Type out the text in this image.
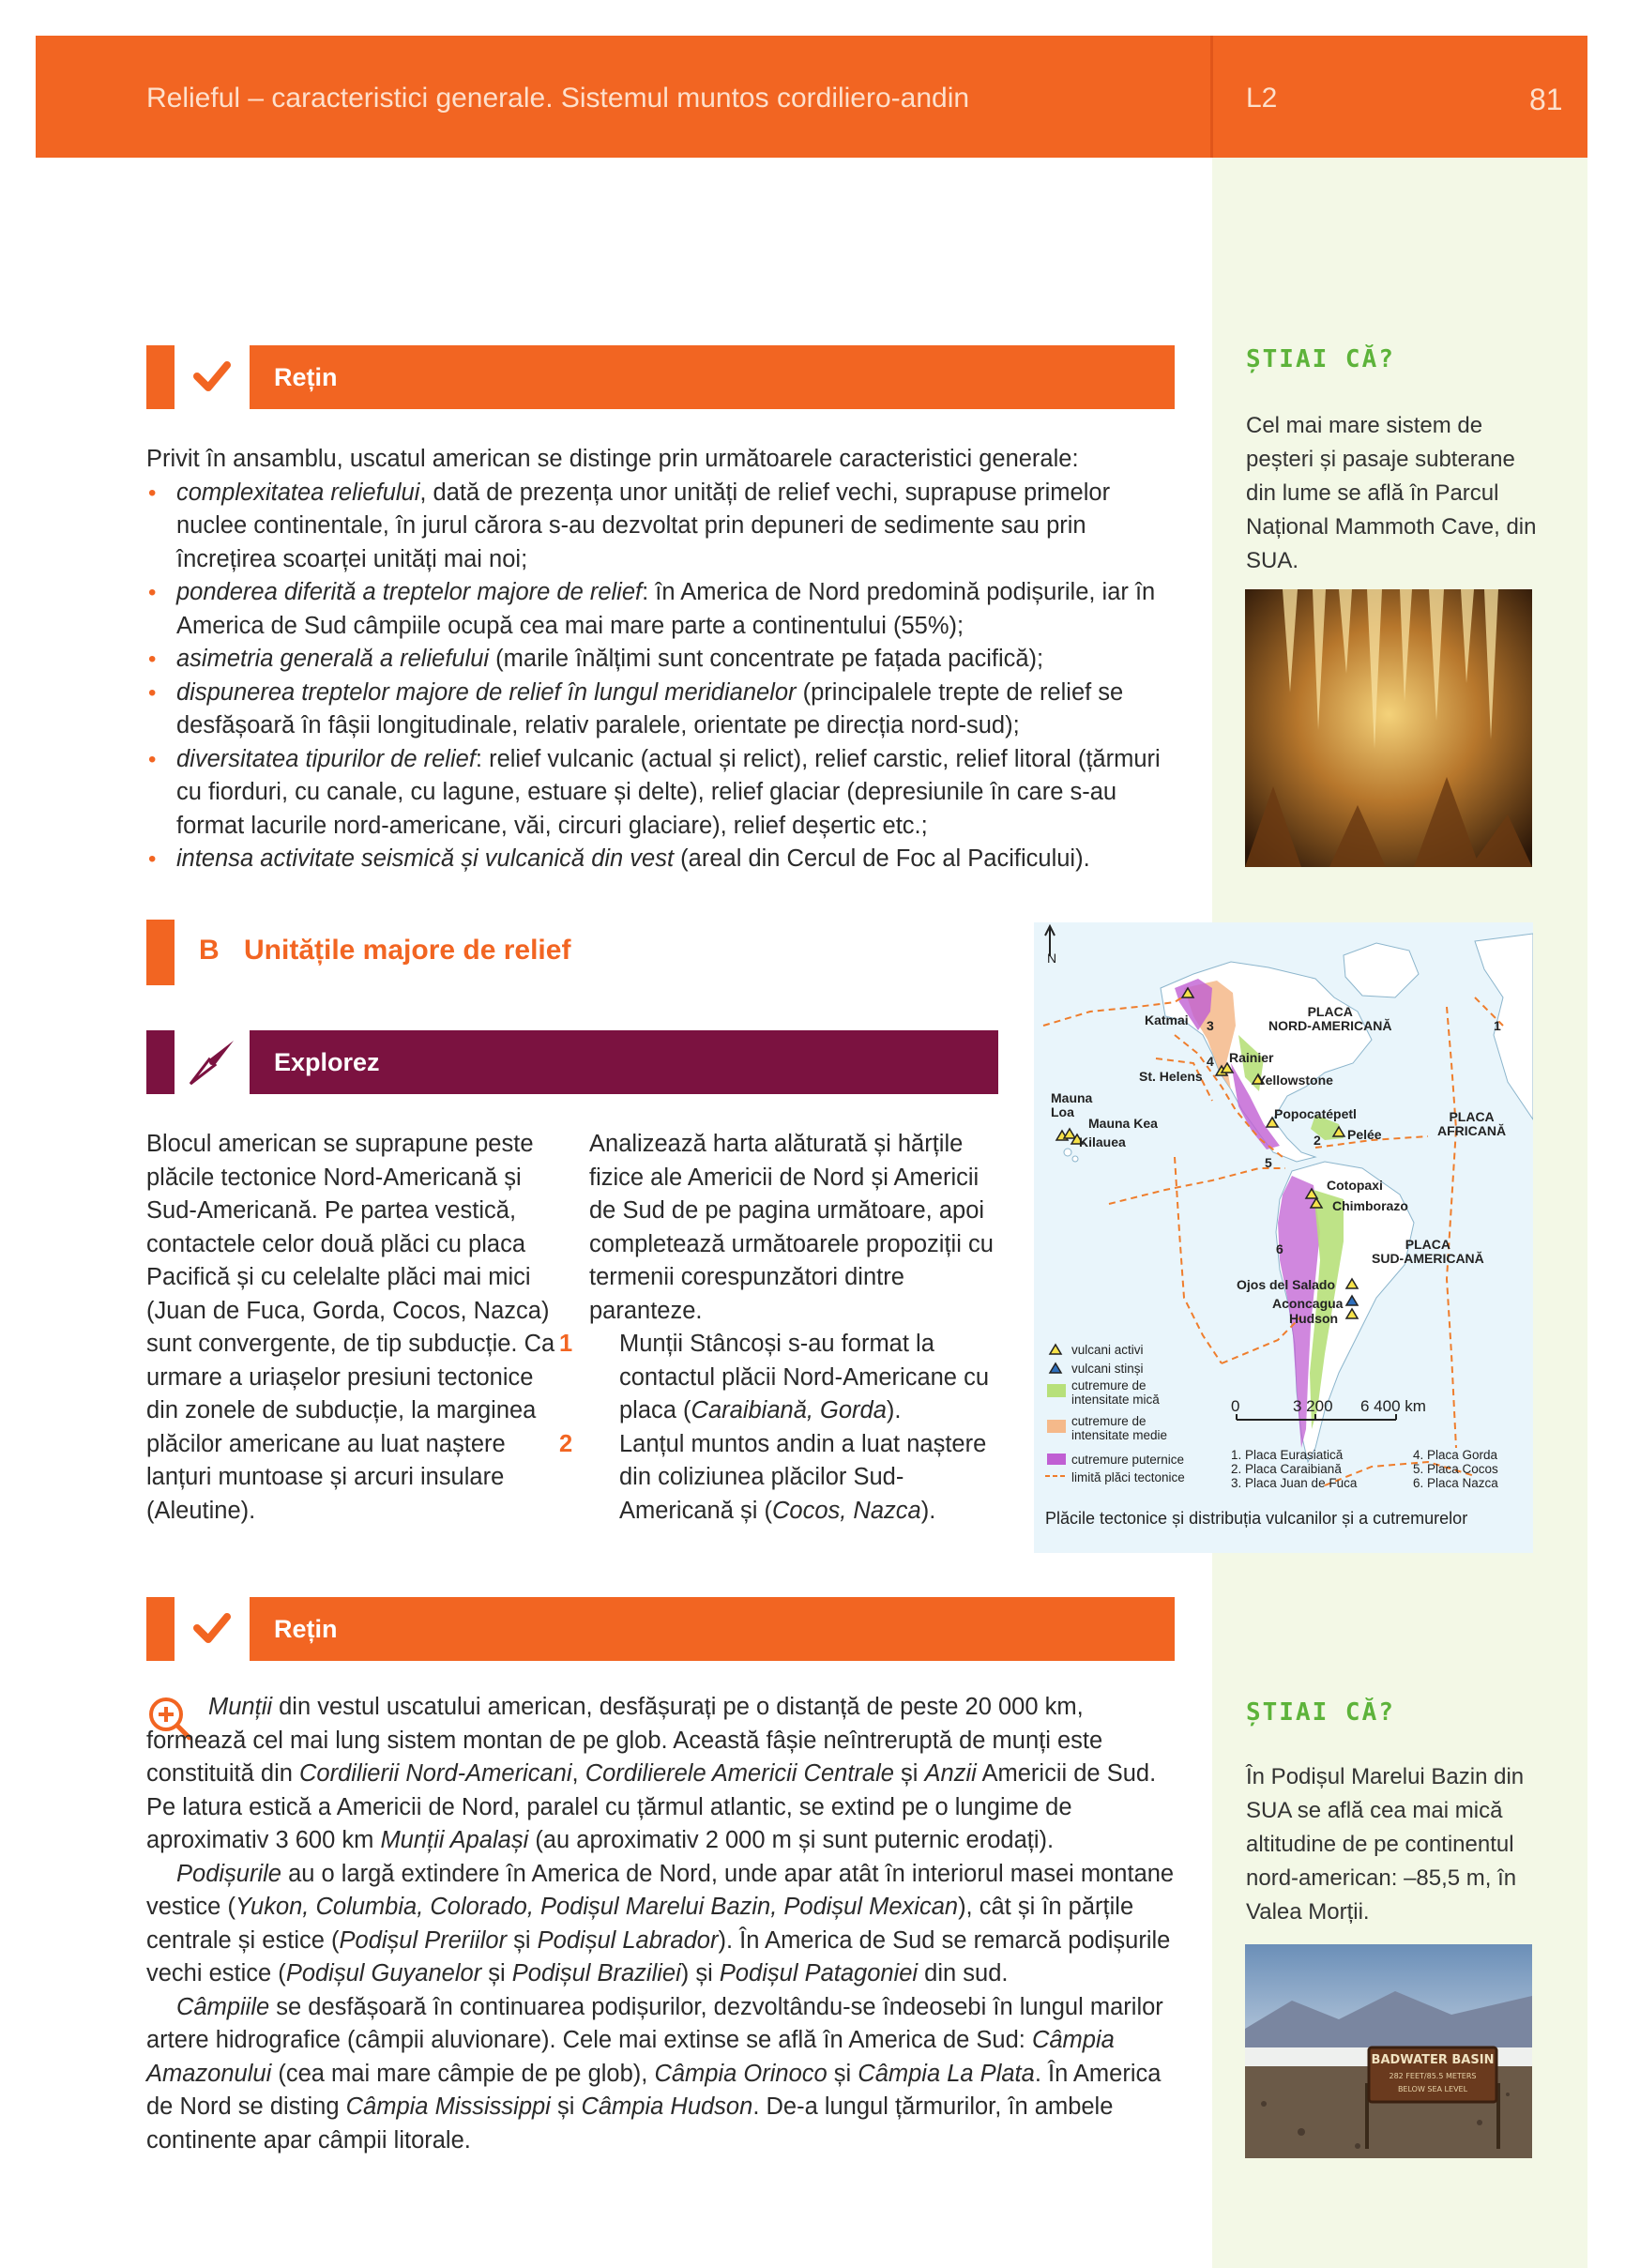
Relieful – caracteristici generale. Sistemul muntos cordiliero-andin	L2	81
ȘTIAI CĂ?
Cel mai mare sistem de peșteri și pasaje subterane din lume se află în Parcul Național Mammoth Cave, din SUA.
ȘTIAI CĂ?
În Podișul Marelui Bazin din SUA se află cea mai mică altitudine de pe continentul nord-american: –85,5 m, în Valea Morții.
BADWATER BASIN
282 FEET/85.5 METERS
BELOW SEA LEVEL
Rețin

Privit în ansamblu, uscatul american se distinge prin următoarele caracteristici generale:

• complexitatea reliefului, dată de prezența unor unități de relief vechi, suprapuse primelor nuclee continentale, în jurul cărora s-au dezvoltat prin depuneri de sedimente sau prin încrețirea scoarței unități mai noi;
• ponderea diferită a treptelor majore de relief: în America de Nord predomină podișurile, iar în America de Sud câmpiile ocupă cea mai mare parte a continentului (55%);
• asimetria generală a reliefului (marile înălțimi sunt concentrate pe fațada pacifică);
• dispunerea treptelor majore de relief în lungul meridianelor (principalele trepte de relief se desfășoară în fâșii longitudinale, relativ paralele, orientate pe direcția nord-sud);
• diversitatea tipurilor de relief: relief vulcanic (actual și relict), relief carstic, relief litoral (țărmuri cu fiorduri, cu canale, cu lagune, estuare și delte), relief glaciar (depresiunile în care s-au format lacurile nord-americane, văi, circuri glaciare), relief deșertic etc.;
• intensa activitate seismică și vulcanică din vest (areal din Cercul de Foc al Pacificului).
B Unitățile majore de relief
Explorez
Blocul american se suprapune peste plăcile tectonice Nord-Americană și Sud-Americană. Pe partea vestică, contactele celor două plăci cu placa Pacifică și cu celelalte plăci mai mici (Juan de Fuca, Gorda, Cocos, Nazca) sunt convergente, de tip subducție. Ca urmare a uriașelor presiuni tectonice din zonele de subducție, la marginea plăcilor americane au luat naștere lanțuri muntoase și arcuri insulare (Aleutine).

Analizează harta alăturată și hărțile fizice ale Americii de Nord și Americii de Sud de pe pagina următoare, apoi completează următoarele propoziții cu termenii corespunzători dintre paranteze.

1 Munții Stâncoși s-au format la contactul plăcii Nord-Americane cu placa (Caraibiană, Gorda).

2 Lanțul muntos andin a luat naștere din coliziunea plăcilor Sud-Americană și (Cocos, Nazca).

N
Katmai
St. Helens
Rainier
Yellowstone
Mauna
Loa
Mauna Kea
Kilauea
Popocatépetl
Pelée
Cotopaxi
Chimborazo
Ojos del Salado
Aconcagua
Hudson
PLACA
NORD-AMERICANĂ
PLACA
AFRICANĂ
PLACA
SUD-AMERICANĂ
1
2
3
4
5
6
vulcani activi
vulcani stinși
cutremure de
intensitate mică
cutremure de
intensitate medie
cutremure puternice
limită plăci tectonice
0	3 200 6 400 km
1. Placa Eurasiatică
2. Placa Caraibiană
3. Placa Juan de Fuca
4. Placa Gorda
5. Placa Cocos
6. Placa Nazca
Plăcile tectonice și distribuția vulcanilor și a cutremurelor
Rețin

Munții din vestul uscatului american, desfășurați pe o distanță de peste 20 000 km, formează cel mai lung sistem montan de pe glob. Această fâșie neîntreruptă de munți este constituită din Cordilierii Nord-Americani, Cordilierele Americii Centrale și Anzii Americii de Sud. Pe latura estică a Americii de Nord, paralel cu țărmul atlantic, se extind pe o lungime de aproximativ 3 600 km Munții Apalași (au aproximativ 2 000 m și sunt puternic erodați).

Podișurile au o largă extindere în America de Nord, unde apar atât în interiorul masei montane vestice (Yukon, Columbia, Colorado, Podișul Marelui Bazin, Podișul Mexican), cât și în părțile centrale și estice (Podișul Preriilor și Podișul Labrador). În America de Sud se remarcă podișurile vechi estice (Podișul Guyanelor și Podișul Braziliei) și Podișul Patagoniei din sud.

Câmpiile se desfășoară în continuarea podișurilor, dezvoltându-se îndeosebi în lungul marilor artere hidrografice (câmpii aluvionare). Cele mai extinse se află în America de Sud: Câmpia Amazonului (cea mai mare câmpie de pe glob), Câmpia Orinoco și Câmpia La Plata. În America de Nord se disting Câmpia Mississippi și Câmpia Hudson. De-a lungul țărmurilor, în ambele continente apar câmpii litorale.
